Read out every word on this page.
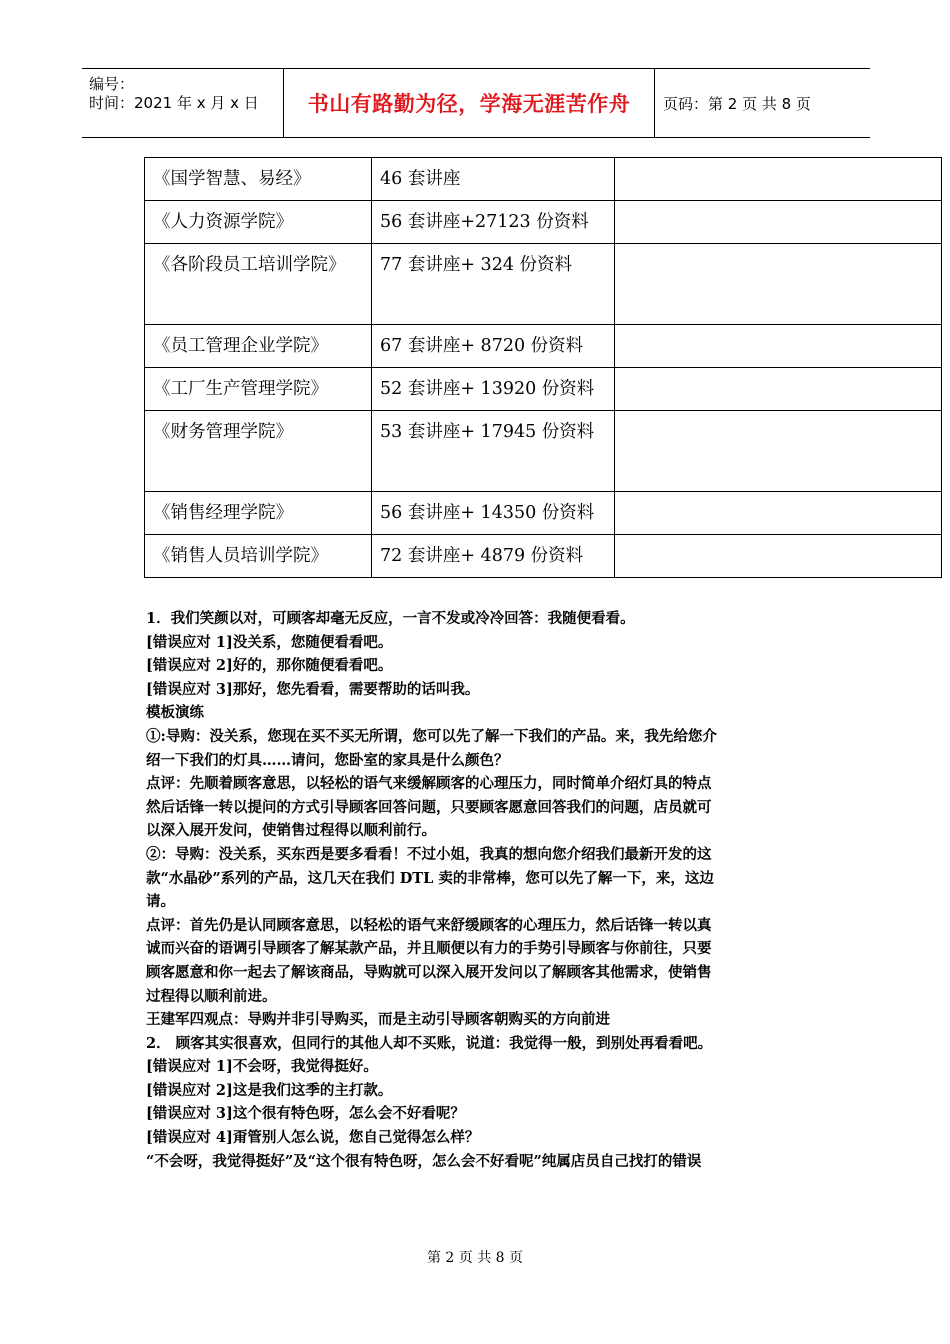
编号：
时间：2021 年 x 月 x 日 书山有路勤为径，学海无涯苦作舟 页码：第 2 页 共 8 页
《国学智慧、易经》	46 套讲座	
《人力资源学院》	56 套讲座+27123 份资料	
《各阶段员工培训学院》	77 套讲座+ 324 份资料	
《员工管理企业学院》	67 套讲座+ 8720 份资料	
《工厂生产管理学院》	52 套讲座+ 13920 份资料	
《财务管理学院》	53 套讲座+ 17945 份资料	
《销售经理学院》	56 套讲座+ 14350 份资料	
《销售人员培训学院》	72 套讲座+ 4879 份资料	

1．我们笑颜以对，可顾客却毫无反应，一言不发或冷冷回答：我随便看看。

[错误应对 1]没关系，您随便看看吧。

[错误应对 2]好的，那你随便看看吧。

[错误应对 3]那好，您先看看，需要帮助的话叫我。

模板演练

①:导购：没关系，您现在买不买无所谓，您可以先了解一下我们的产品。来，我先给您介

绍一下我们的灯具……请问，您卧室的家具是什么颜色？

点评：先顺着顾客意思，以轻松的语气来缓解顾客的心理压力，同时简单介绍灯具的特点

然后话锋一转以提问的方式引导顾客回答问题，只要顾客愿意回答我们的问题，店员就可

以深入展开发问，使销售过程得以顺利前行。

②：导购：没关系，买东西是要多看看！不过小姐，我真的想向您介绍我们最新开发的这

款“水晶砂”系列的产品，这几天在我们 DTL 卖的非常棒，您可以先了解一下，来，这边

请。

点评：首先仍是认同顾客意思，以轻松的语气来舒缓顾客的心理压力，然后话锋一转以真

诚而兴奋的语调引导顾客了解某款产品，并且顺便以有力的手势引导顾客与你前往，只要

顾客愿意和你一起去了解该商品，导购就可以深入展开发问以了解顾客其他需求，使销售

过程得以顺利前进。

王建军四观点：导购并非引导购买，而是主动引导顾客朝购买的方向前进

2． 顾客其实很喜欢，但同行的其他人却不买账，说道：我觉得一般，到别处再看看吧。

[错误应对 1]不会呀，我觉得挺好。

[错误应对 2]这是我们这季的主打款。

[错误应对 3]这个很有特色呀，怎么会不好看呢？

[错误应对 4]甭管别人怎么说，您自己觉得怎么样？

“不会呀，我觉得挺好”及“这个很有特色呀，怎么会不好看呢”纯属店员自己找打的错误

第 2 页 共 8 页
